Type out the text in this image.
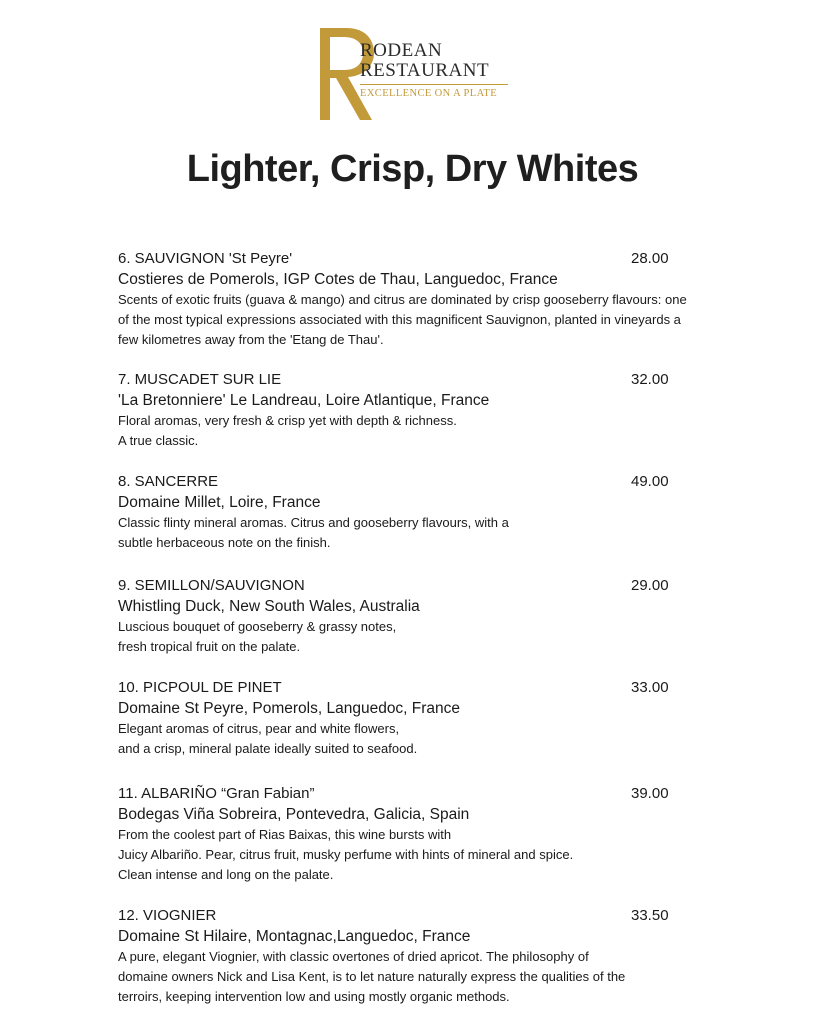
RODEAN
RESTAURANT
EXCELLENCE ON A PLATE
Lighter, Crisp, Dry Whites
6. SAUVIGNON 'St Peyre'	28.00
Costieres de Pomerols, IGP Cotes de Thau, Languedoc, France
Scents of exotic fruits (guava & mango) and citrus are dominated by crisp gooseberry flavours: one
of the most typical expressions associated with this magnificent Sauvignon, planted in vineyards a
few kilometres away from the 'Etang de Thau'.
7. MUSCADET SUR LIE	32.00
'La Bretonniere' Le Landreau, Loire Atlantique, France
Floral aromas, very fresh & crisp yet with depth & richness.
A true classic.
8. SANCERRE	49.00
Domaine Millet, Loire, France
Classic flinty mineral aromas. Citrus and gooseberry flavours, with a
subtle herbaceous note on the finish.
9. SEMILLON/SAUVIGNON	29.00
Whistling Duck, New South Wales, Australia
Luscious bouquet of gooseberry & grassy notes,
fresh tropical fruit on the palate.
10. PICPOUL DE PINET	33.00
Domaine St Peyre, Pomerols, Languedoc, France
Elegant aromas of citrus, pear and white flowers,
and a crisp, mineral palate ideally suited to seafood.
11. ALBARIÑO “Gran Fabian”	39.00
Bodegas Viña Sobreira, Pontevedra, Galicia, Spain
From the coolest part of Rias Baixas, this wine bursts with
Juicy Albariño. Pear, citrus fruit, musky perfume with hints of mineral and spice.
Clean intense and long on the palate.
12. VIOGNIER	33.50
Domaine St Hilaire, Montagnac,Languedoc, France
A pure, elegant Viognier, with classic overtones of dried apricot. The philosophy of
domaine owners Nick and Lisa Kent, is to let nature naturally express the qualities of the
terroirs, keeping intervention low and using mostly organic methods.
